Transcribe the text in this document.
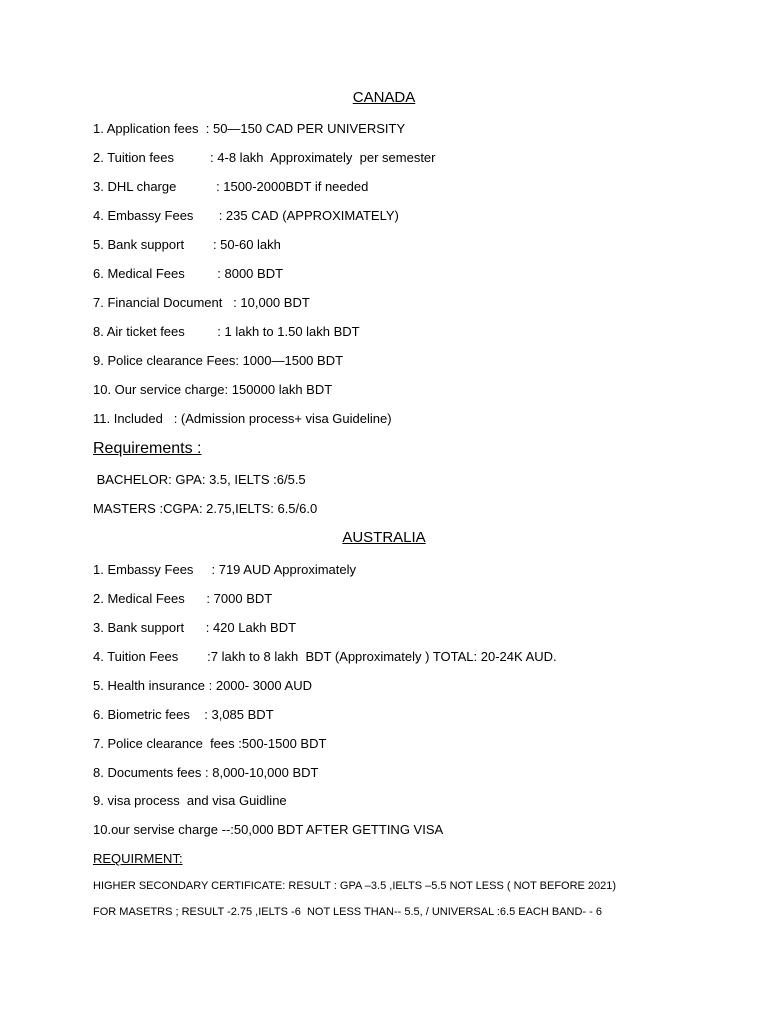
CANADA
1. Application fees  : 50—150 CAD PER UNIVERSITY
2. Tuition fees          : 4-8 lakh  Approximately  per semester
3. DHL charge           : 1500-2000BDT if needed
4. Embassy Fees       : 235 CAD (APPROXIMATELY)
5. Bank support        : 50-60 lakh
6. Medical Fees         : 8000 BDT
7. Financial Document   : 10,000 BDT
8. Air ticket fees         : 1 lakh to 1.50 lakh BDT
9. Police clearance Fees: 1000—1500 BDT
10. Our service charge: 150000 lakh BDT
11. Included   : (Admission process+ visa Guideline)
Requirements :
BACHELOR: GPA: 3.5, IELTS :6/5.5
MASTERS :CGPA: 2.75,IELTS: 6.5/6.0
AUSTRALIA
1. Embassy Fees     : 719 AUD Approximately
2. Medical Fees      : 7000 BDT
3. Bank support      : 420 Lakh BDT
4. Tuition Fees        :7 lakh to 8 lakh  BDT (Approximately ) TOTAL: 20-24K AUD.
5. Health insurance : 2000- 3000 AUD
6. Biometric fees    : 3,085 BDT
7. Police clearance  fees :500-1500 BDT
8. Documents fees : 8,000-10,000 BDT
9. visa process  and visa Guidline
10.our servise charge --:50,000 BDT AFTER GETTING VISA
REQUIRMENT:
HIGHER SECONDARY CERTIFICATE: RESULT : GPA –3.5 ,IELTS –5.5 NOT LESS ( NOT BEFORE 2021)
FOR MASETRS ; RESULT -2.75 ,IELTS -6  NOT LESS THAN-- 5.5, / UNIVERSAL :6.5 EACH BAND- - 6
